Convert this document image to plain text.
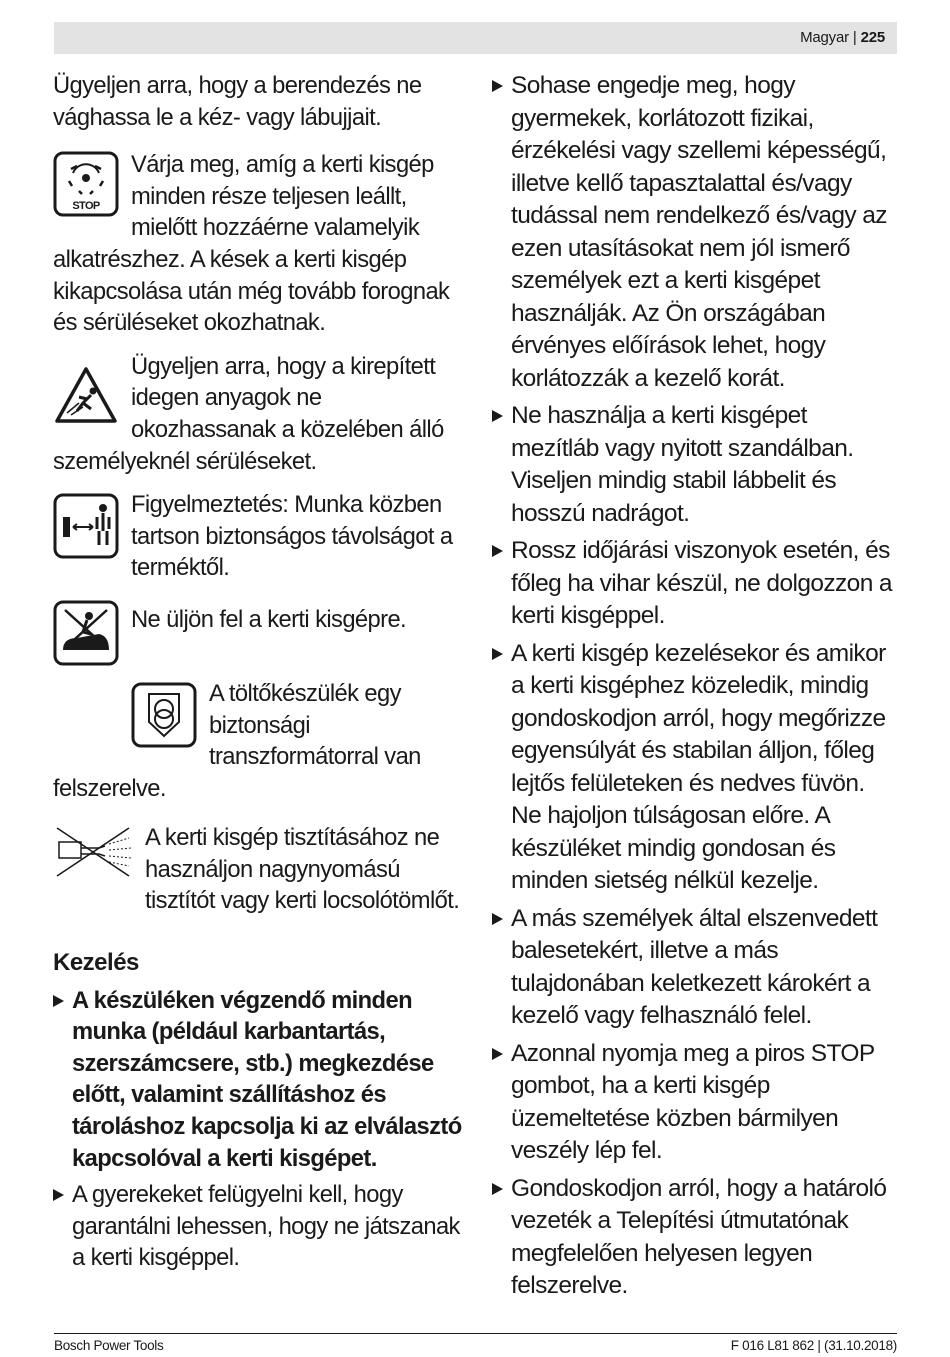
Magyar | 225

Ügyeljen arra, hogy a berendezés ne vághassa le a kéz- vagy lábujjait.

STOP

Várja meg, amíg a kerti kisgép minden része teljesen leállt, mielőtt hozzáérne valamelyik alkatrészhez. A kések a kerti kisgép kikapcsolása után még tovább forognak és sérüléseket okozhatnak.

Ügyeljen arra, hogy a kirepített idegen anyagok ne okozhassanak a közelében álló személyeknél sérüléseket.

Figyelmeztetés: Munka közben tartson biztonságos távolságot a terméktől.

Ne üljön fel a kerti kisgépre.

A töltőkészülék egy biztonsági transzformátorral van felszerelve.

A kerti kisgép tisztításához ne használjon nagynyomású tisztítót vagy kerti locsolótömlőt.

Kezelés

A készüléken végzendő minden munka (például karbantartás, szerszámcsere, stb.) megkezdése előtt, valamint szállításhoz és tároláshoz kapcsolja ki az elválasztó kapcsolóval a kerti kisgépet.

A gyerekeket felügyelni kell, hogy garantálni lehessen, hogy ne játszanak a kerti kisgéppel.

Sohase engedje meg, hogy gyermekek, korlátozott fizikai, érzékelési vagy szellemi képességű, illetve kellő tapasztalattal és/vagy tudással nem rendelkező és/vagy az ezen utasításokat nem jól ismerő személyek ezt a kerti kisgépet használják. Az Ön országában érvényes előírások lehet, hogy korlátozzák a kezelő korát.

Ne használja a kerti kisgépet mezítláb vagy nyitott szandálban. Viseljen mindig stabil lábbelit és hosszú nadrágot.

Rossz időjárási viszonyok esetén, és főleg ha vihar készül, ne dolgozzon a kerti kisgéppel.

A kerti kisgép kezelésekor és amikor a kerti kisgéphez közeledik, mindig gondoskodjon arról, hogy megőrizze egyensúlyát és stabilan álljon, főleg lejtős felületeken és nedves füvön. Ne hajoljon túlságosan előre. A készüléket mindig gondosan és minden sietség nélkül kezelje.

A más személyek által elszenvedett balesetekért, illetve a más tulajdonában keletkezett károkért a kezelő vagy felhasználó felel.

Azonnal nyomja meg a piros STOP gombot, ha a kerti kisgép üzemeltetése közben bármilyen veszély lép fel.

Gondoskodjon arról, hogy a határoló vezeték a Telepítési útmutatónak megfelelően helyesen legyen felszerelve.

Bosch Power Tools	F 016 L81 862 | (31.10.2018)
